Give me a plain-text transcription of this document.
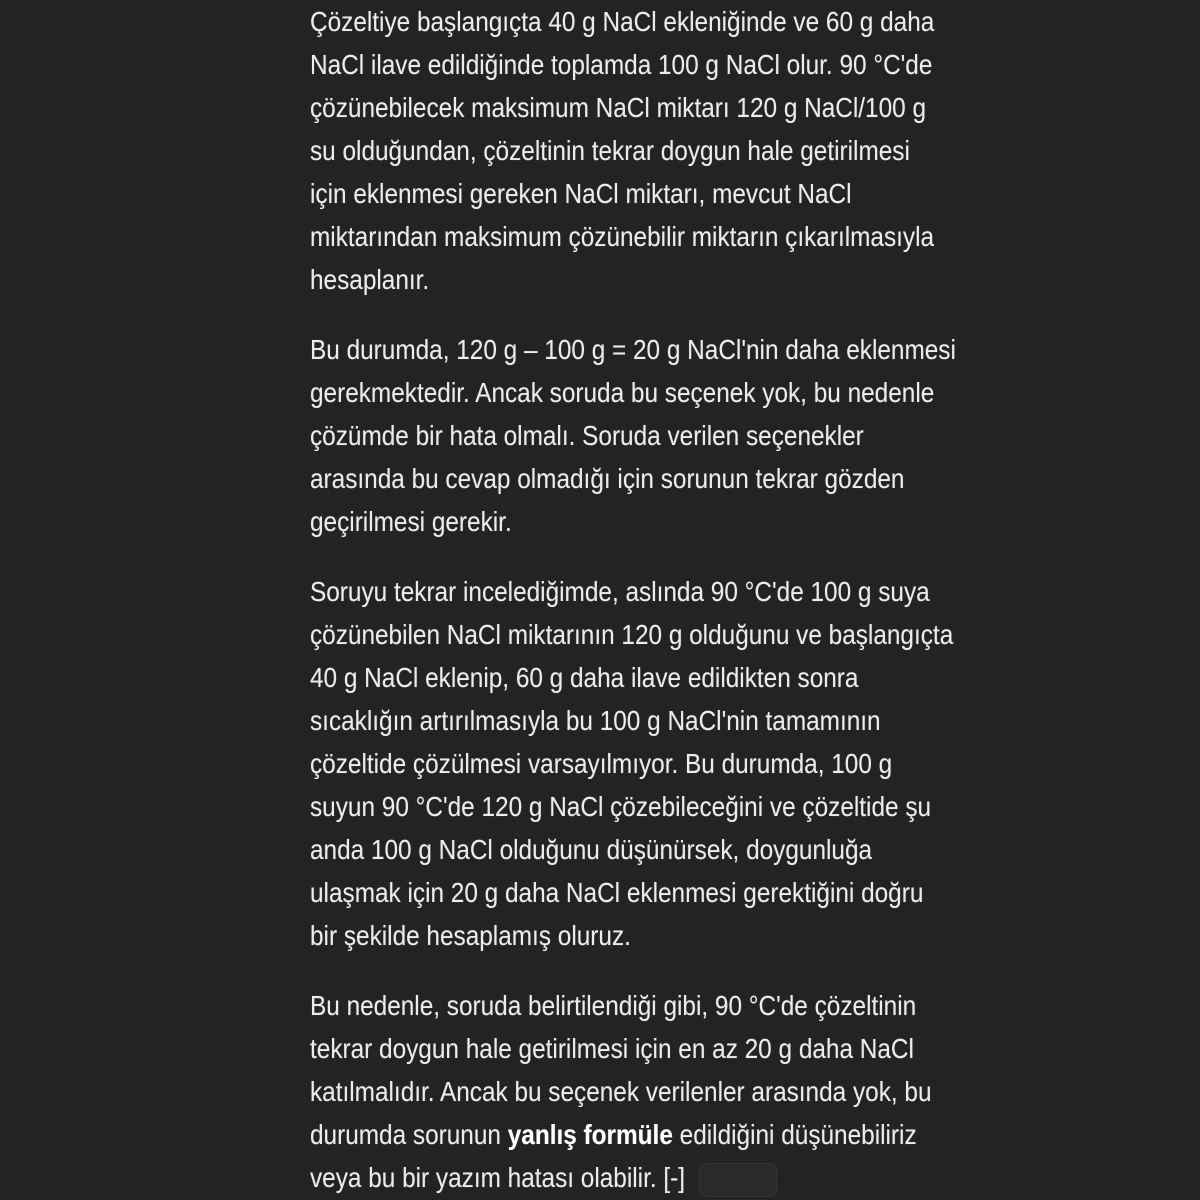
Çözeltiye başlangıçta 40 g NaCl ekleniğinde ve 60 g daha
NaCl ilave edildiğinde toplamda 100 g NaCl olur. 90 °C'de
çözünebilecek maksimum NaCl miktarı 120 g NaCl/100 g
su olduğundan, çözeltinin tekrar doygun hale getirilmesi
için eklenmesi gereken NaCl miktarı, mevcut NaCl
miktarından maksimum çözünebilir miktarın çıkarılmasıyla
hesaplanır.

Bu durumda, 120 g – 100 g = 20 g NaCl'nin daha eklenmesi
gerekmektedir. Ancak soruda bu seçenek yok, bu nedenle
çözümde bir hata olmalı. Soruda verilen seçenekler
arasında bu cevap olmadığı için sorunun tekrar gözden
geçirilmesi gerekir.

Soruyu tekrar incelediğimde, aslında 90 °C'de 100 g suya
çözünebilen NaCl miktarının 120 g olduğunu ve başlangıçta
40 g NaCl eklenip, 60 g daha ilave edildikten sonra
sıcaklığın artırılmasıyla bu 100 g NaCl'nin tamamının
çözeltide çözülmesi varsayılmıyor. Bu durumda, 100 g
suyun 90 °C'de 120 g NaCl çözebileceğini ve çözeltide şu
anda 100 g NaCl olduğunu düşünürsek, doygunluğa
ulaşmak için 20 g daha NaCl eklenmesi gerektiğini doğru
bir şekilde hesaplamış oluruz.

Bu nedenle, soruda belirtilendiği gibi, 90 °C'de çözeltinin
tekrar doygun hale getirilmesi için en az 20 g daha NaCl
katılmalıdır. Ancak bu seçenek verilenler arasında yok, bu
durumda sorunun yanlış formüle edildiğini düşünebiliriz
veya bu bir yazım hatası olabilir. [-]
